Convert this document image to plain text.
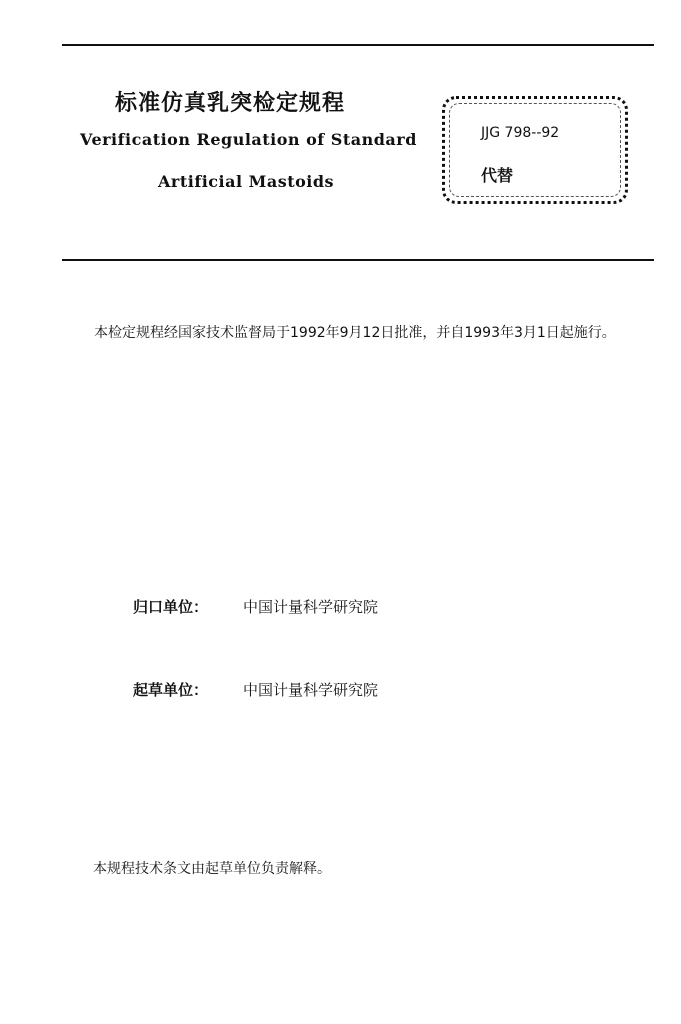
标准仿真乳突检定规程
Verification Regulation of Standard
Artificial Mastoids
JJG 798--92
代替
本检定规程经国家技术监督局于1992年9月12日批准，并自1993年3月1日起施行。
归口单位： 中国计量科学研究院
起草单位： 中国计量科学研究院
本规程技术条文由起草单位负责解释。
